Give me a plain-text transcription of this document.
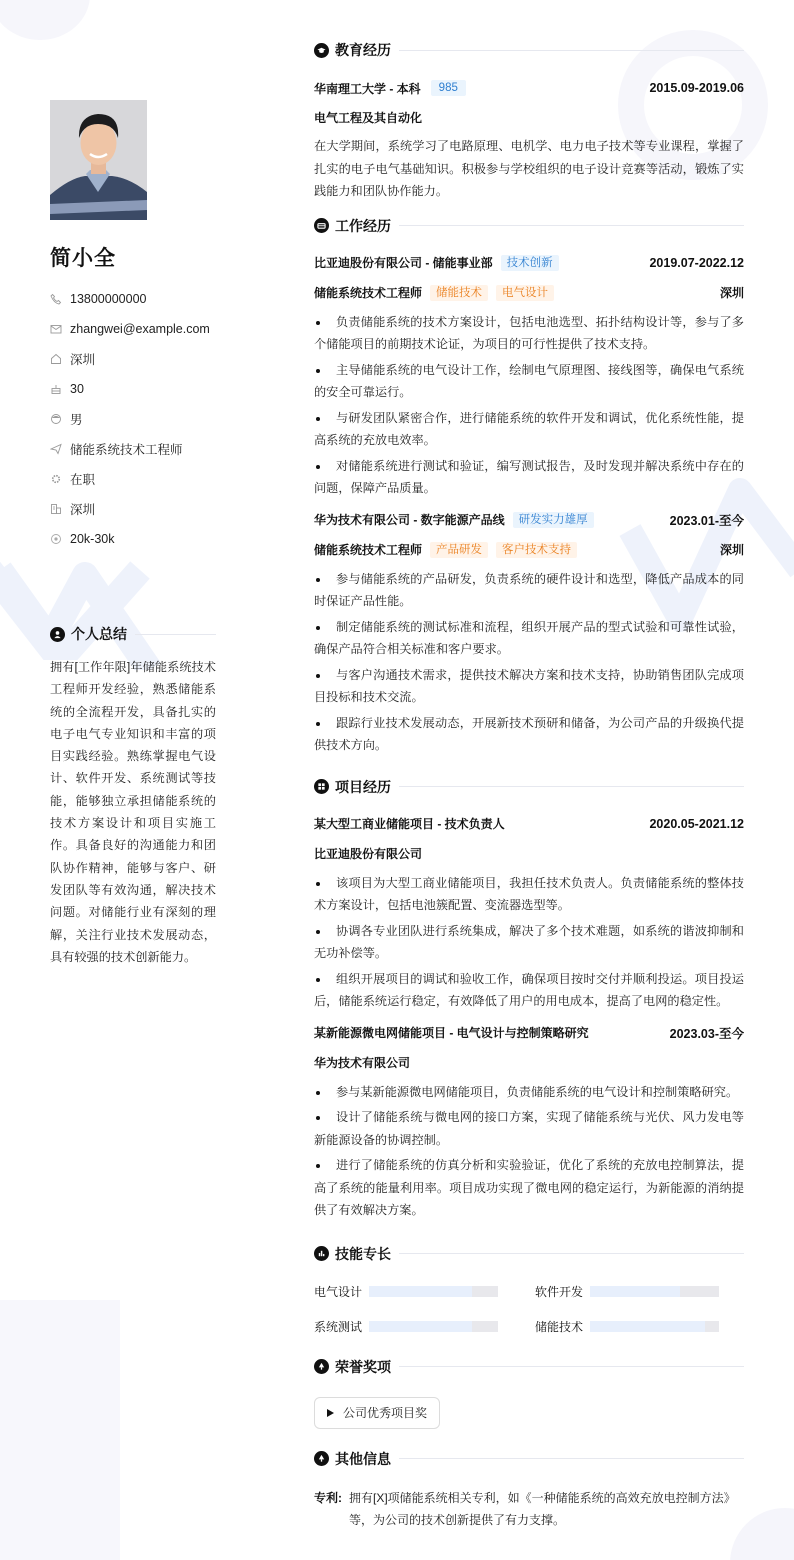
简小全
13800000000
zhangwei@example.com
深圳
30
男
储能系统技术工程师
在职
深圳
20k-30k
个人总结

拥有[工作年限]年储能系统技术工程师开发经验，熟悉储能系统的全流程开发，具备扎实的电子电气专业知识和丰富的项目实践经验。熟练掌握电气设计、软件开发、系统测试等技能，能够独立承担储能系统的技术方案设计和项目实施工作。具备良好的沟通能力和团队协作精神，能够与客户、研发团队等有效沟通，解决技术问题。对储能行业有深刻的理解，关注行业技术发展动态，具有较强的技术创新能力。

教育经历
华南理工大学 - 本科	985	2015.09-2019.06
电气工程及其自动化

在大学期间，系统学习了电路原理、电机学、电力电子技术等专业课程，掌握了扎实的电子电气基础知识。积极参与学校组织的电子设计竞赛等活动，锻炼了实践能力和团队协作能力。

工作经历
比亚迪股份有限公司 - 储能事业部	技术创新	2019.07-2022.12
储能系统技术工程师	储能技术	电气设计	深圳
负责储能系统的技术方案设计，包括电池选型、拓扑结构设计等，参与了多个储能项目的前期技术论证，为项目的可行性提供了技术支持。
主导储能系统的电气设计工作，绘制电气原理图、接线图等，确保电气系统的安全可靠运行。
与研发团队紧密合作，进行储能系统的软件开发和调试，优化系统性能，提高系统的充放电效率。
对储能系统进行测试和验证，编写测试报告，及时发现并解决系统中存在的问题，保障产品质量。
华为技术有限公司 - 数字能源产品线	研发实力雄厚	2023.01-至今
储能系统技术工程师	产品研发	客户技术支持	深圳
参与储能系统的产品研发，负责系统的硬件设计和选型，降低产品成本的同时保证产品性能。
制定储能系统的测试标准和流程，组织开展产品的型式试验和可靠性试验，确保产品符合相关标准和客户要求。
与客户沟通技术需求，提供技术解决方案和技术支持，协助销售团队完成项目投标和技术交流。
跟踪行业技术发展动态，开展新技术预研和储备，为公司产品的升级换代提供技术方向。
项目经历
某大型工商业储能项目 - 技术负责人	2020.05-2021.12
比亚迪股份有限公司
该项目为大型工商业储能项目，我担任技术负责人。负责储能系统的整体技术方案设计，包括电池簇配置、变流器选型等。
协调各专业团队进行系统集成，解决了多个技术难题，如系统的谐波抑制和无功补偿等。
组织开展项目的调试和验收工作，确保项目按时交付并顺利投运。项目投运后，储能系统运行稳定，有效降低了用户的用电成本，提高了电网的稳定性。
某新能源微电网储能项目 - 电气设计与控制策略研究	2023.03-至今
华为技术有限公司
参与某新能源微电网储能项目，负责储能系统的电气设计和控制策略研究。
设计了储能系统与微电网的接口方案，实现了储能系统与光伏、风力发电等新能源设备的协调控制。
进行了储能系统的仿真分析和实验验证，优化了系统的充放电控制算法，提高了系统的能量利用率。项目成功实现了微电网的稳定运行，为新能源的消纳提供了有效解决方案。
技能专长
电气设计	软件开发
系统测试	储能技术
荣誉奖项
公司优秀项目奖
其他信息
专利: 拥有[X]项储能系统相关专利，如《一种储能系统的高效充放电控制方法》等，为公司的技术创新提供了有力支撑。
